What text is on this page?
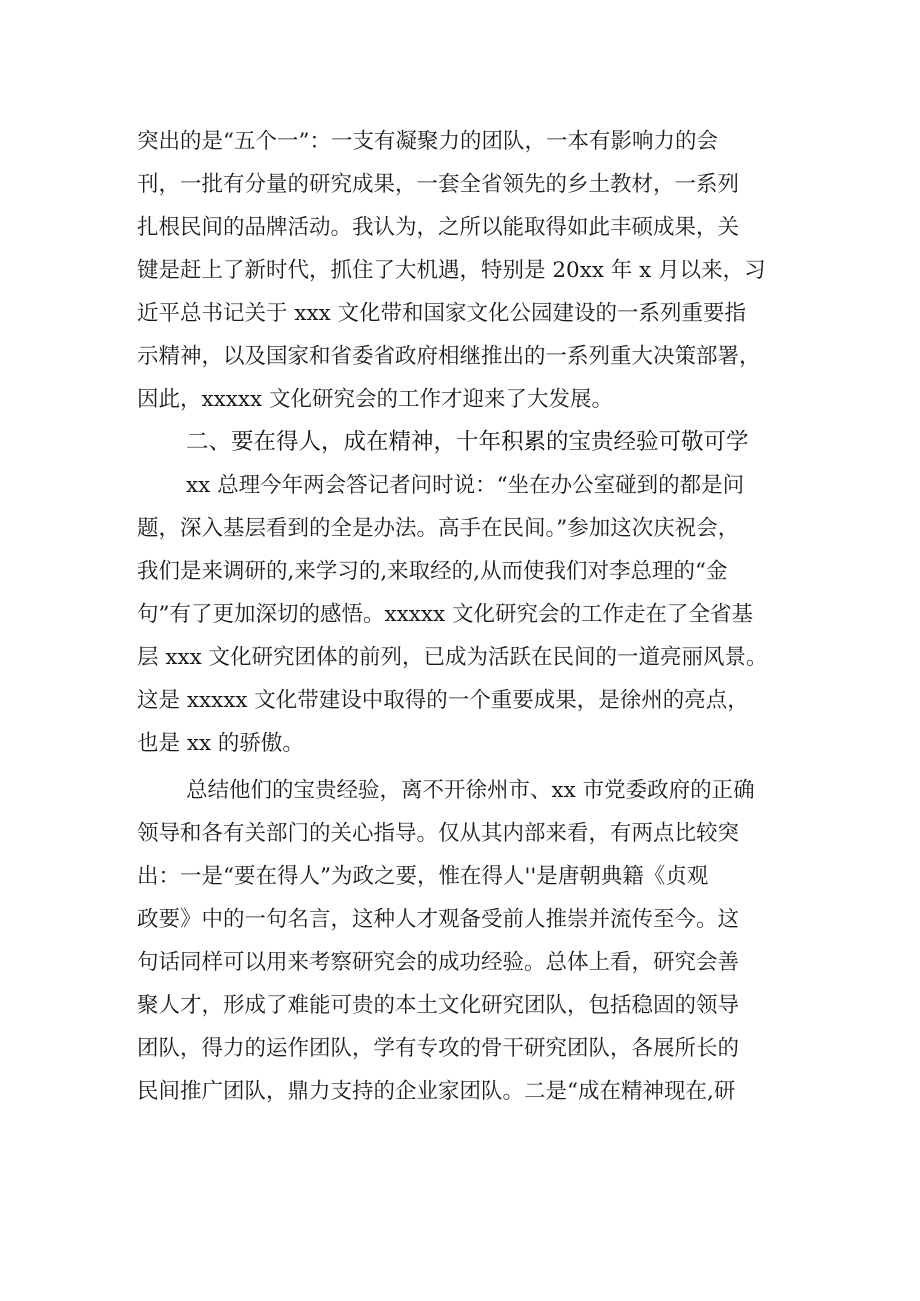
突出的是“五个一”：一支有凝聚力的团队，一本有影响力的会
刊，一批有分量的研究成果，一套全省领先的乡土教材，一系列
扎根民间的品牌活动。我认为，之所以能取得如此丰硕成果，关
键是赶上了新时代，抓住了大机遇，特别是 20xx 年 x 月以来，习
近平总书记关于 xxx 文化带和国家文化公园建设的一系列重要指
示精神，以及国家和省委省政府相继推出的一系列重大决策部署，
因此，xxxxx 文化研究会的工作才迎来了大发展。
二、要在得人，成在精神，十年积累的宝贵经验可敬可学
xx 总理今年两会答记者问时说：“坐在办公室碰到的都是问
题，深入基层看到的全是办法。高手在民间。”参加这次庆祝会，
我们是来调研的,来学习的,来取经的,从而使我们对李总理的“金
句”有了更加深切的感悟。xxxxx 文化研究会的工作走在了全省基
层 xxx 文化研究团体的前列，已成为活跃在民间的一道亮丽风景。
这是 xxxxx 文化带建设中取得的一个重要成果，是徐州的亮点，
也是 xx 的骄傲。
总结他们的宝贵经验，离不开徐州市、xx 市党委政府的正确
领导和各有关部门的关心指导。仅从其内部来看，有两点比较突
出：一是“要在得人”为政之要，惟在得人''是唐朝典籍《贞观
政要》中的一句名言，这种人才观备受前人推崇并流传至今。这
句话同样可以用来考察研究会的成功经验。总体上看，研究会善
聚人才，形成了难能可贵的本土文化研究团队，包括稳固的领导
团队，得力的运作团队，学有专攻的骨干研究团队，各展所长的
民间推广团队，鼎力支持的企业家团队。二是“成在精神现在,研
